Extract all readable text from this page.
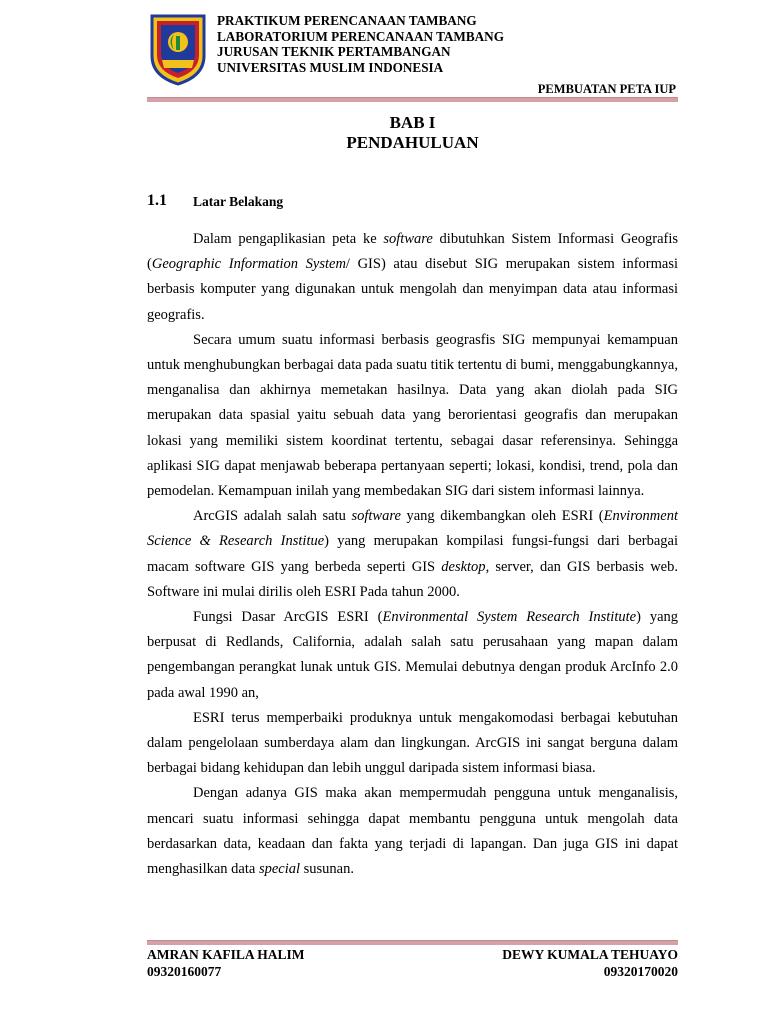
PRAKTIKUM PERENCANAAN TAMBANG
LABORATORIUM PERENCANAAN TAMBANG
JURUSAN TEKNIK PERTAMBANGAN
UNIVERSITAS MUSLIM INDONESIA
PEMBUATAN PETA IUP
BAB I
PENDAHULUAN
1.1 Latar Belakang

Dalam pengaplikasian peta ke software dibutuhkan Sistem Informasi Geografis (Geographic Information System/ GIS) atau disebut SIG merupakan sistem informasi berbasis komputer yang digunakan untuk mengolah dan menyimpan data atau informasi geografis.

Secara umum suatu informasi berbasis geograsfis SIG mempunyai kemampuan untuk menghubungkan berbagai data pada suatu titik tertentu di bumi, menggabungkannya, menganalisa dan akhirnya memetakan hasilnya. Data yang akan diolah pada SIG merupakan data spasial yaitu sebuah data yang berorientasi geografis dan merupakan lokasi yang memiliki sistem koordinat tertentu, sebagai dasar referensinya. Sehingga aplikasi SIG dapat menjawab beberapa pertanyaan seperti; lokasi, kondisi, trend, pola dan pemodelan. Kemampuan inilah yang membedakan SIG dari sistem informasi lainnya.

ArcGIS adalah salah satu software yang dikembangkan oleh ESRI (Environment Science & Research Institue) yang merupakan kompilasi fungsi-fungsi dari berbagai macam software GIS yang berbeda seperti GIS desktop, server, dan GIS berbasis web. Software ini mulai dirilis oleh ESRI Pada tahun 2000.

Fungsi Dasar ArcGIS ESRI (Environmental System Research Institute) yang berpusat di Redlands, California, adalah salah satu perusahaan yang mapan dalam pengembangan perangkat lunak untuk GIS. Memulai debutnya dengan produk ArcInfo 2.0 pada awal 1990 an,

ESRI terus memperbaiki produknya untuk mengakomodasi berbagai kebutuhan dalam pengelolaan sumberdaya alam dan lingkungan. ArcGIS ini sangat berguna dalam berbagai bidang kehidupan dan lebih unggul daripada sistem informasi biasa.

Dengan adanya GIS maka akan mempermudah pengguna untuk menganalisis, mencari suatu informasi sehingga dapat membantu pengguna untuk mengolah data berdasarkan data, keadaan dan fakta yang terjadi di lapangan. Dan juga GIS ini dapat menghasilkan data special susunan.

AMRAN KAFILA HALIM
09320160077
DEWY KUMALA TEHUAYO
09320170020
